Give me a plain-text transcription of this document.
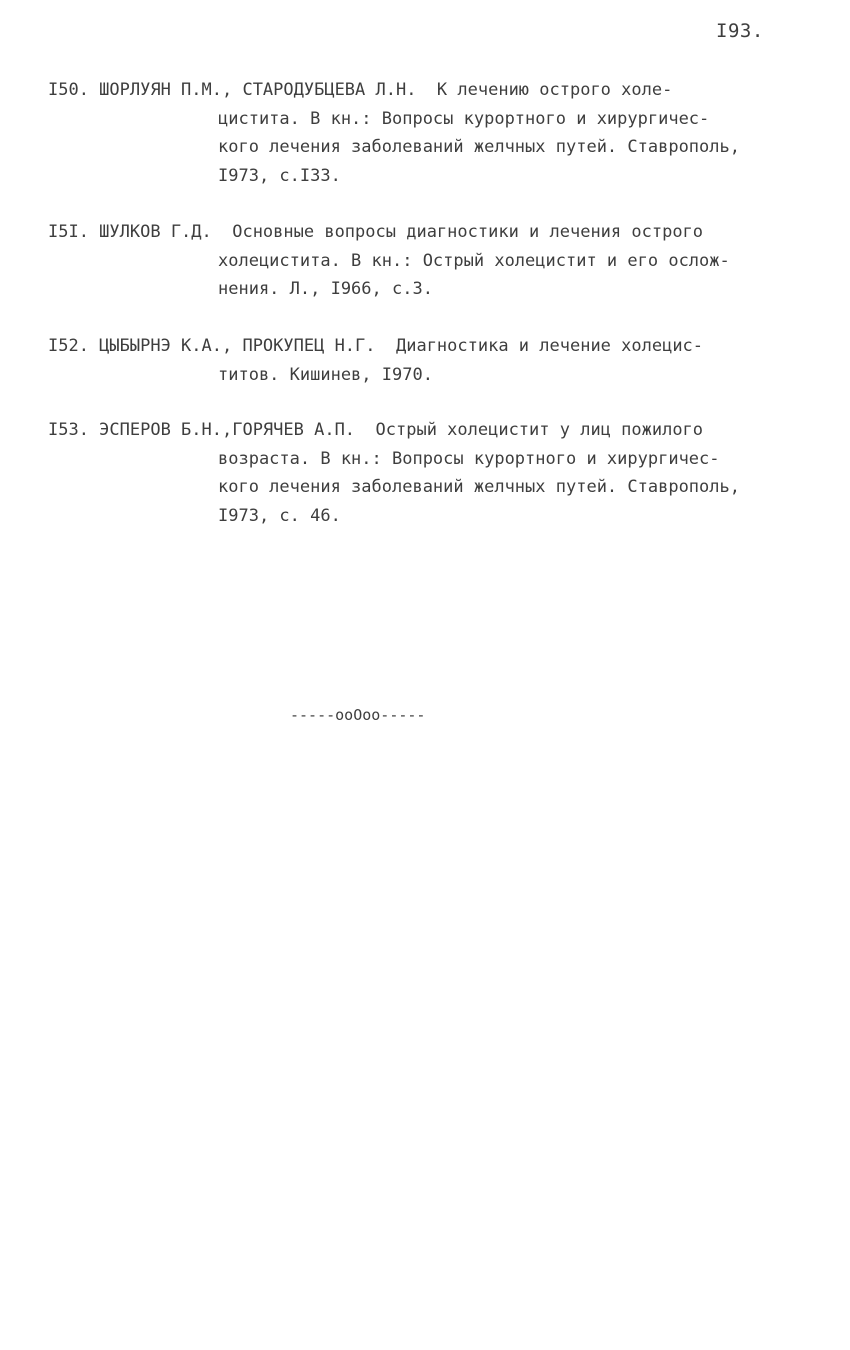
I93.
I50. ШОРЛУЯН П.М., СТАРОДУБЦЕВА Л.Н.  К лечению острого холе-
цистита. В кн.: Вопросы курортного и хирургичес-
кого лечения заболеваний желчных путей. Ставрополь,
I973, с.I33.
I5I. ШУЛКОВ Г.Д.  Основные вопросы диагностики и лечения острого
холецистита. В кн.: Острый холецистит и его ослож-
нения. Л., I966, с.3.
I52. ЦЫБЫРНЭ К.А., ПРОКУПЕЦ Н.Г.  Диагностика и лечение холецис-
титов. Кишинев, I970.
I53. ЭСПЕРОВ Б.Н.,ГОРЯЧЕВ А.П.  Острый холецистит у лиц пожилого
возраста. В кн.: Вопросы курортного и хирургичес-
кого лечения заболеваний желчных путей. Ставрополь,
I973, с. 46.
-----ooOoo-----
